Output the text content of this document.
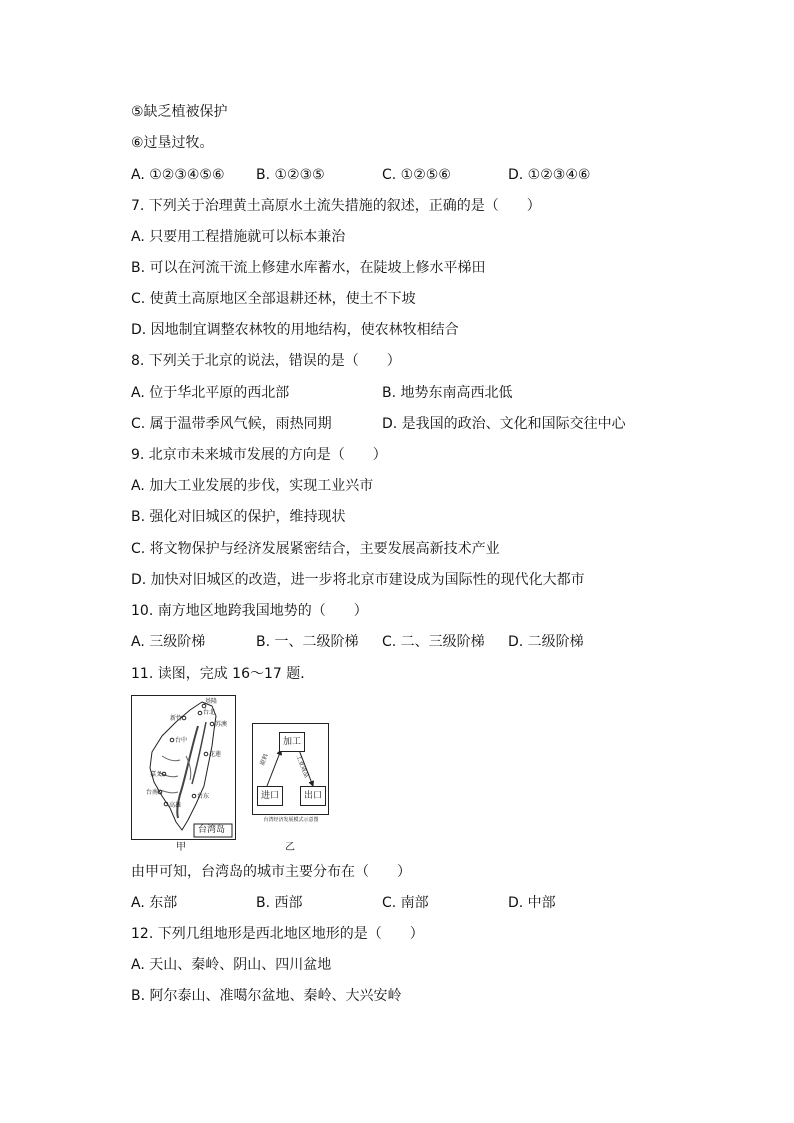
⑤缺乏植被保护
⑥过垦过牧。
A. ①②③④⑤⑥ B. ①②③⑤	C. ①②⑤⑥	D. ①②③④⑥
7. 下列关于治理黄土高原水土流失措施的叙述，正确的是（　　）
A. 只要用工程措施就可以标本兼治
B. 可以在河流干流上修建水库蓄水，在陡坡上修水平梯田
C. 使黄土高原地区全部退耕还林，使土不下坡
D. 因地制宜调整农林牧的用地结构，使农林牧相结合
8. 下列关于北京的说法，错误的是（　　）
A. 位于华北平原的西北部	B. 地势东南高西北低
C. 属于温带季风气候，雨热同期	D. 是我国的政治、文化和国际交往中心
9. 北京市未来城市发展的方向是（　　）
A. 加大工业发展的步伐，实现工业兴市
B. 强化对旧城区的保护，维持现状
C. 将文物保护与经济发展紧密结合，主要发展高新技术产业
D. 加快对旧城区的改造，进一步将北京市建设成为国际性的现代化大都市
10. 南方地区地跨我国地势的（　　）
A. 三级阶梯	B. 一、二级阶梯 C. 二、三级阶梯 D. 二级阶梯
11. 读图，完成 16～17 题．
基隆
台北
新竹
苏澳
台中
花莲
嘉义
台南
高雄
台东
台湾岛
甲
加工
进口	出口
原料	工业成品
台湾经济发展模式示意图
乙
由甲可知，台湾岛的城市主要分布在（　　）
A. 东部	B. 西部	C. 南部	D. 中部
12. 下列几组地形是西北地区地形的是（　　）
A. 天山、秦岭、阴山、四川盆地
B. 阿尔泰山、准噶尔盆地、秦岭、大兴安岭
